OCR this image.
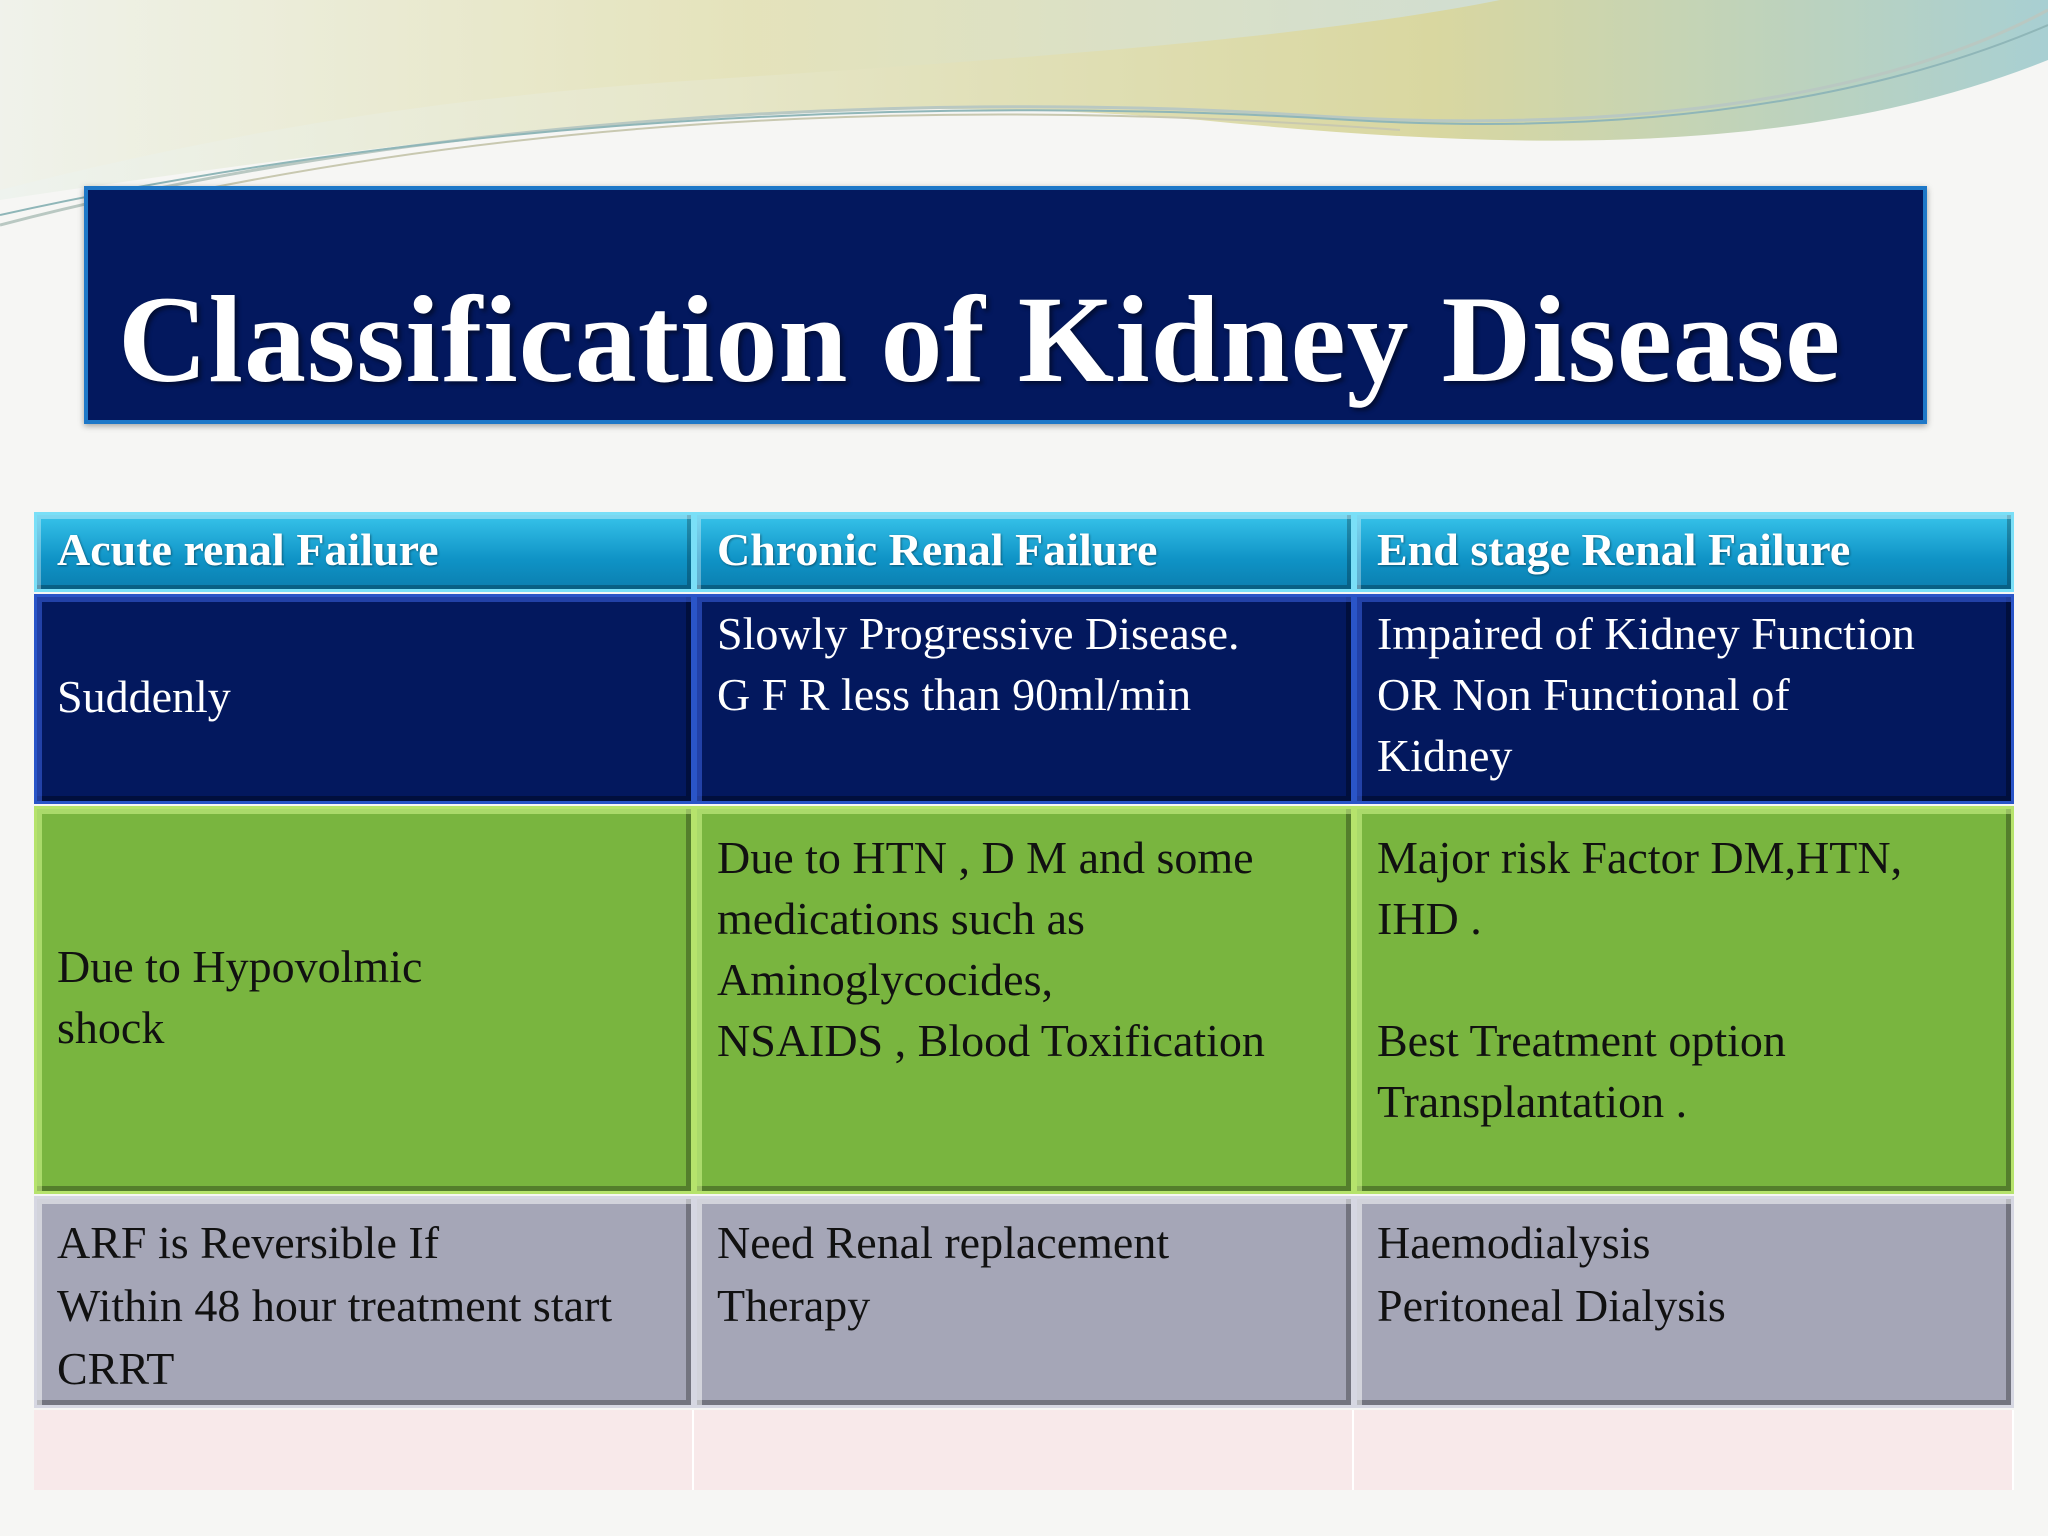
Classification of Kidney Disease
Acute renal Failure	Chronic Renal Failure	End stage Renal Failure
Suddenly
Slowly Progressive Disease.
G F R less than 90ml/min
Impaired of Kidney Function
OR Non Functional of
Kidney
Due to Hypovolmic
shock
Due to HTN , D M and some
medications such as
Aminoglycocides,
NSAIDS , Blood Toxification
Major risk Factor DM,HTN,
IHD .

Best Treatment option
Transplantation .
ARF is Reversible If
Within 48 hour treatment start
CRRT
Need Renal replacement
Therapy
Haemodialysis
Peritoneal Dialysis
